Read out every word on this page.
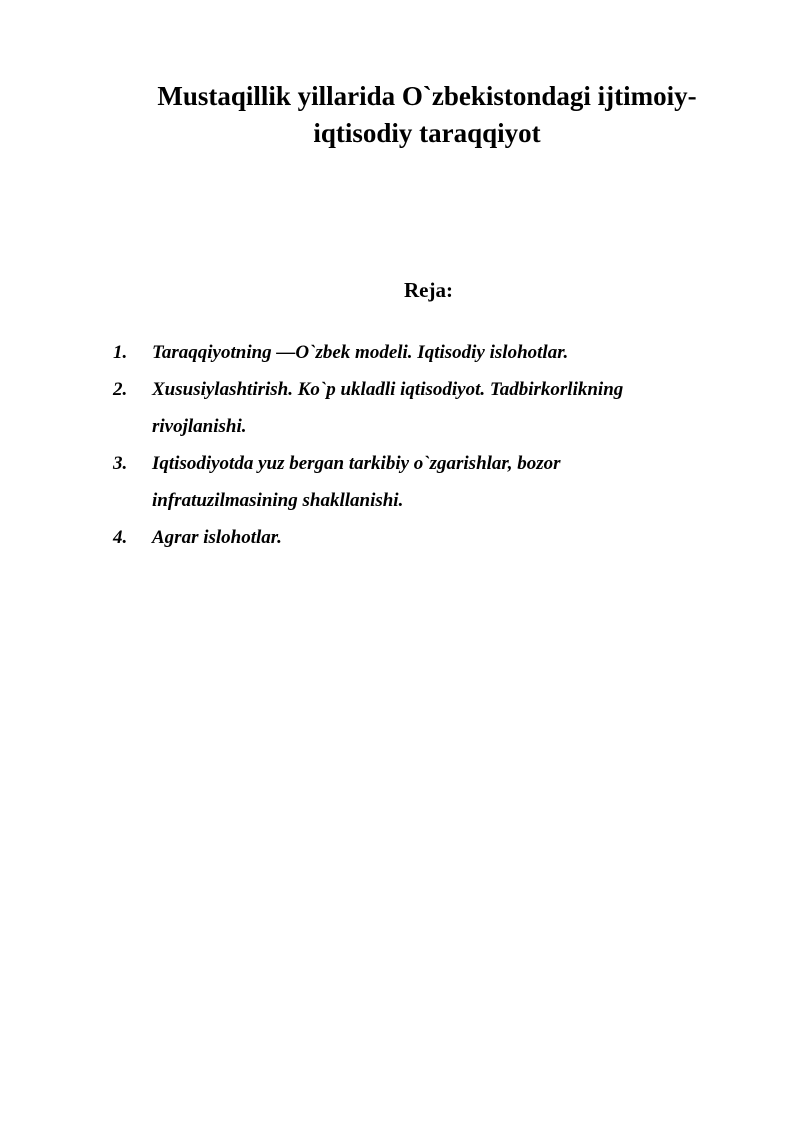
Mustaqillik yillarida O`zbekistondagi ijtimoiy-
iqtisodiy taraqqiyot
Reja:
1. Taraqqiyotning —O`zbek modeli. Iqtisodiy islohotlar.
2. Xususiylashtirish. Ko`p ukladli iqtisodiyot. Tadbirkorlikning
rivojlanishi.
3. Iqtisodiyotda yuz bergan tarkibiy o`zgarishlar, bozor
infratuzilmasining shakllanishi.
4. Agrar islohotlar.
